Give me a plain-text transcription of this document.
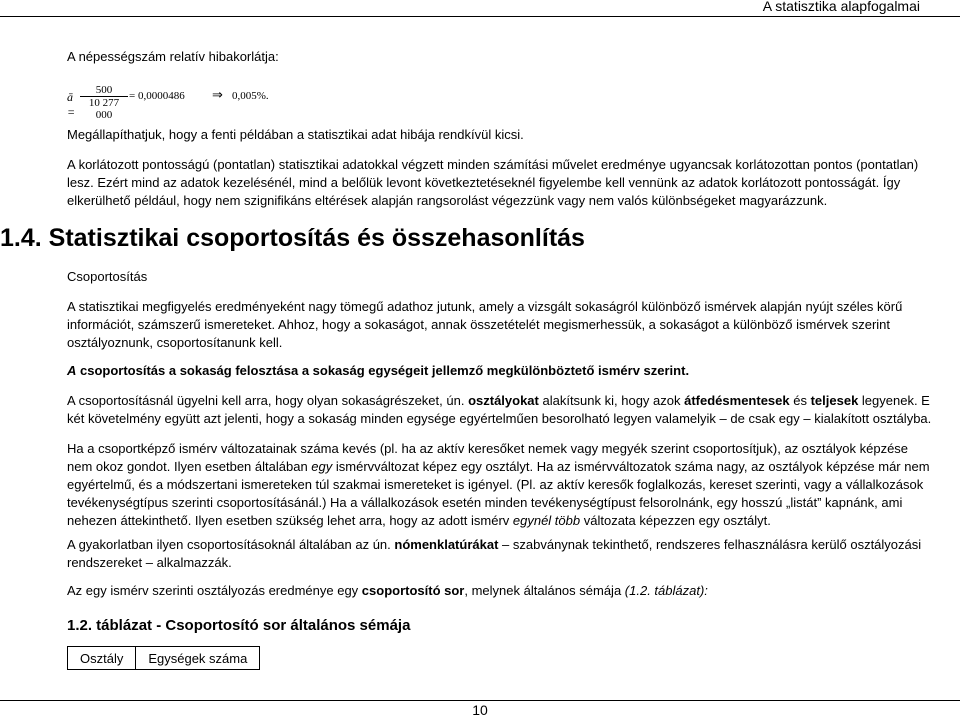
A statisztika alapfogalmai
A népességszám relatív hibakorlátja:
ā = $\frac{500}{10 277 000} = 0,0000486$ ⇒ 0,005%.
Megállapíthatjuk, hogy a fenti példában a statisztikai adat hibája rendkívül kicsi.
A korlátozott pontosságú (pontatlan) statisztikai adatokkal végzett minden számítási művelet eredménye ugyancsak korlátozottan pontos (pontatlan)
lesz. Ezért mind az adatok kezelésénél, mind a belőlük levont következtetéseknél figyelembe kell vennünk az adatok korlátozott pontosságát. Így
elkerülhető például, hogy nem szignifikáns eltérések alapján rangsorolást végezzünk vagy nem valós különbségeket magyarázzunk.
1.4. Statisztikai csoportosítás és összehasonlítás
Csoportosítás
A statisztikai megfigyelés eredményeként nagy tömegű adathoz jutunk, amely a vizsgált sokaságról különböző ismérvek alapján nyújt széles körű
információt, számszerű ismereteket. Ahhoz, hogy a sokaságot, annak összetételét megismerhessük, a sokaságot a különböző ismérvek szerint
osztályoznunk, csoportosítanunk kell.
A csoportosítás a sokaság felosztása a sokaság egységeit jellemző megkülönböztető ismérv szerint.
A csoportosításnál ügyelni kell arra, hogy olyan sokaságrészeket, ún. osztályokat alakítsunk ki, hogy azok átfedésmentesek és teljesek legyenek. E
két követelmény együtt azt jelenti, hogy a sokaság minden egysége egyértelműen besorolható legyen valamelyik – de csak egy – kialakított osztályba.
Ha a csoportképző ismérv változatainak száma kevés (pl. ha az aktív keresőket nemek vagy megyék szerint csoportosítjuk), az osztályok képzése
nem okoz gondot. Ilyen esetben általában egy ismérvváltozat képez egy osztályt. Ha az ismérvváltozatok száma nagy, az osztályok képzése már nem
egyértelmű, és a módszertani ismereteken túl szakmai ismereteket is igényel. (Pl. az aktív keresők foglalkozás, kereset szerinti, vagy a vállalkozások
tevékenységtípus szerinti csoportosításánál.) Ha a vállalkozások esetén minden tevékenységtípust felsorolnánk, egy hosszú „listát” kapnánk, ami
nehezen áttekinthető. Ilyen esetben szükség lehet arra, hogy az adott ismérv egynél több változata képezzen egy osztályt.
A gyakorlatban ilyen csoportosításoknál általában az ún. nómenklatúrákat – szabványnak tekinthető, rendszeres felhasználásra kerülő osztályozási
rendszereket – alkalmazzák.
Az egy ismérv szerinti osztályozás eredménye egy csoportosító sor, melynek általános sémája (1.2. táblázat):
1.2. táblázat - Csoportosító sor általános sémája
Osztály	Egységek száma
10
